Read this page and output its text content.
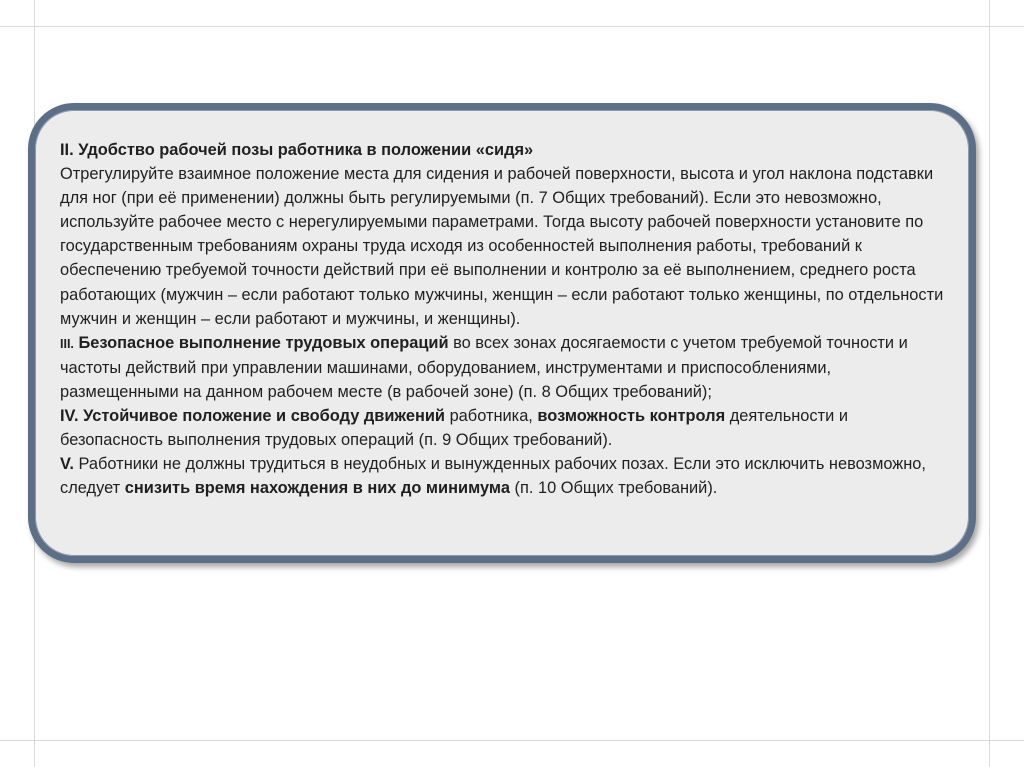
II. Удобство рабочей позы работника в положении «сидя»
Отрегулируйте взаимное положение места для сидения и рабочей поверхности, высота и угол наклона подставки для ног (при её применении) должны быть регулируемыми (п. 7 Общих требований). Если это невозможно, используйте рабочее место с нерегулируемыми параметрами. Тогда высоту рабочей поверхности установите по государственным требованиям охраны труда исходя из особенностей выполнения работы, требований к обеспечению требуемой точности действий при её выполнении и контролю за её выполнением, среднего роста работающих (мужчин – если работают только мужчины, женщин – если работают только женщины, по отдельности мужчин и женщин – если работают и мужчины, и женщины).

III. Безопасное выполнение трудовых операций во всех зонах досягаемости с учетом требуемой точности и частоты действий при управлении машинами, оборудованием, инструментами и приспособлениями, размещенными на данном рабочем месте (в рабочей зоне) (п. 8 Общих требований);

IV. Устойчивое положение и свободу движений работника, возможность контроля деятельности и безопасность выполнения трудовых операций (п. 9 Общих требований).

V. Работники не должны трудиться в неудобных и вынужденных рабочих позах. Если это исключить невозможно, следует снизить время нахождения в них до минимума (п. 10 Общих требований).
